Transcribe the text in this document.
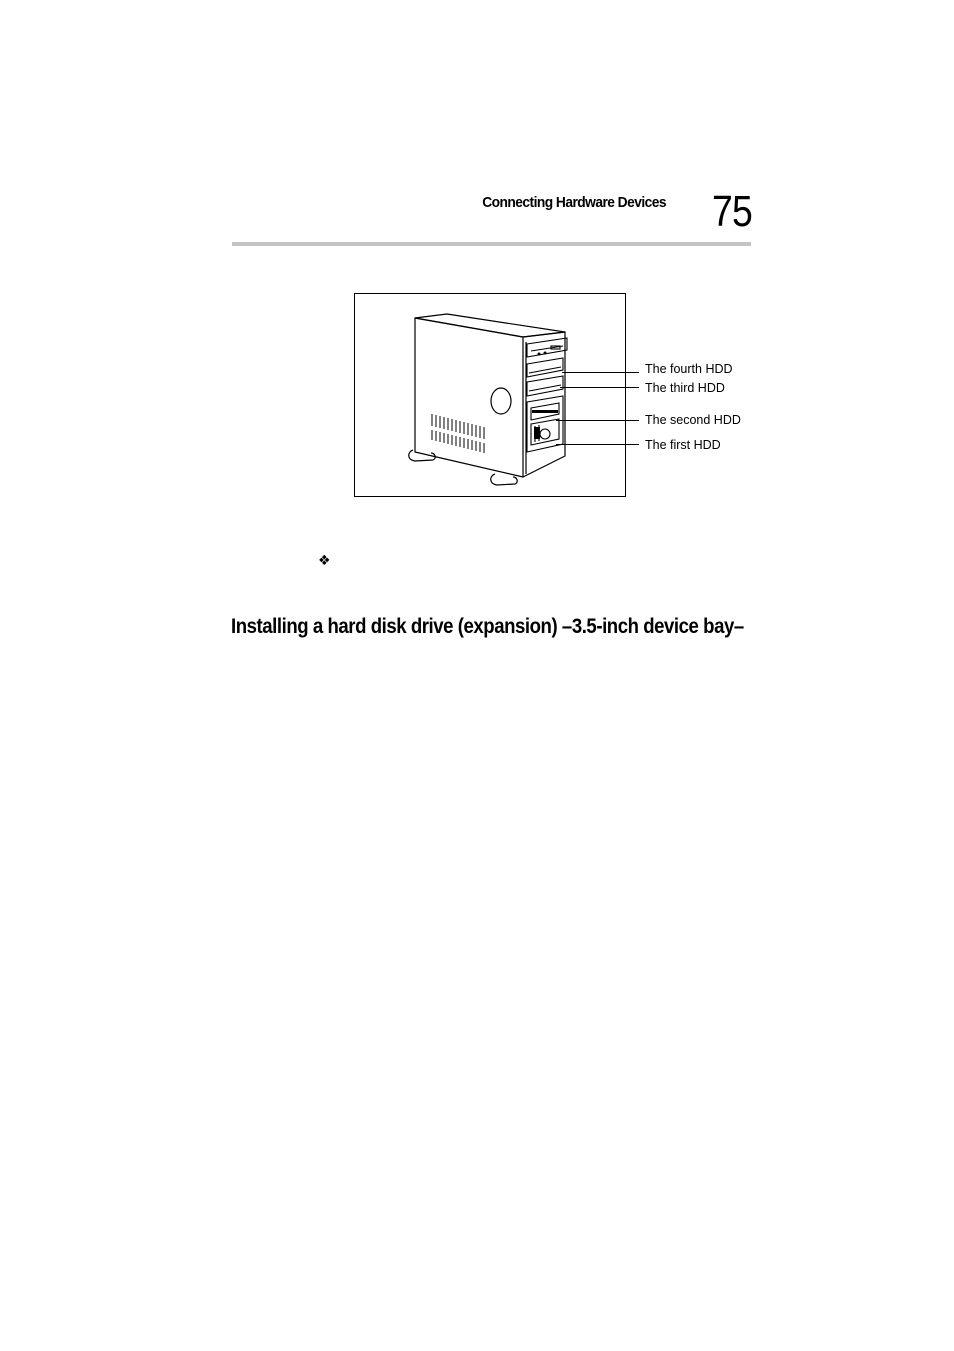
Connecting Hardware Devices 75
The fourth HDD
The third HDD
The second HDD
The first HDD
❖
Installing a hard disk drive (expansion) –3.5-inch device bay–
